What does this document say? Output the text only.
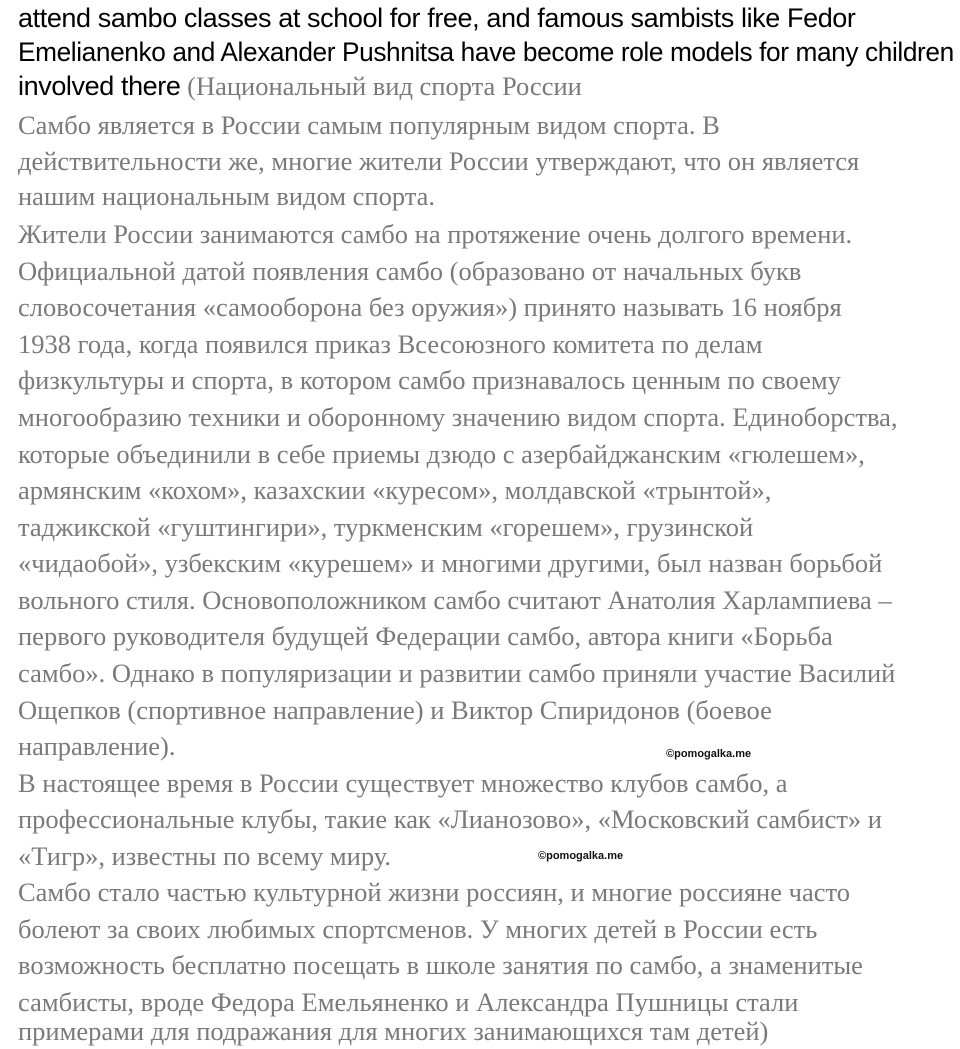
attend sambo classes at school for free, and famous sambists like Fedor
Emelianenko and Alexander Pushnitsa have become role models for many children
involved there (Национальный вид спорта России
Самбо является в России самым популярным видом спорта. В
действительности же, многие жители России утверждают, что он является
нашим национальным видом спорта.
Жители России занимаются самбо на протяжение очень долгого времени.
Официальной датой появления самбо (образовано от начальных букв
словосочетания «самооборона без оружия») принято называть 16 ноября
1938 года, когда появился приказ Всесоюзного комитета по делам
физкультуры и спорта, в котором самбо признавалось ценным по своему
многообразию техники и оборонному значению видом спорта. Единоборства,
которые объединили в себе приемы дзюдо с азербайджанским «гюлешем»,
армянским «кохом», казахскии «куресом», молдавской «трынтой»,
таджикской «гуштингири», туркменским «горешем», грузинской
«чидаобой», узбекским «курешем» и многими другими, был назван борьбой
вольного стиля. Основоположником самбо считают Анатолия Харлампиева –
первого руководителя будущей Федерации самбо, автора книги «Борьба
самбо». Однако в популяризации и развитии самбо приняли участие Василий
Ощепков (спортивное направление) и Виктор Спиридонов (боевое
направление).
В настоящее время в России существует множество клубов самбо, а
профессиональные клубы, такие как «Лианозово», «Московский самбист» и
«Тигр», известны по всему миру.
Самбо стало частью культурной жизни россиян, и многие россияне часто
болеют за своих любимых спортсменов. У многих детей в России есть
возможность бесплатно посещать в школе занятия по самбо, а знаменитые
самбисты, вроде Федора Емельяненко и Александра Пушницы стали
примерами для подражания для многих занимающихся там детей)
©pomogalka.me
©pomogalka.me
